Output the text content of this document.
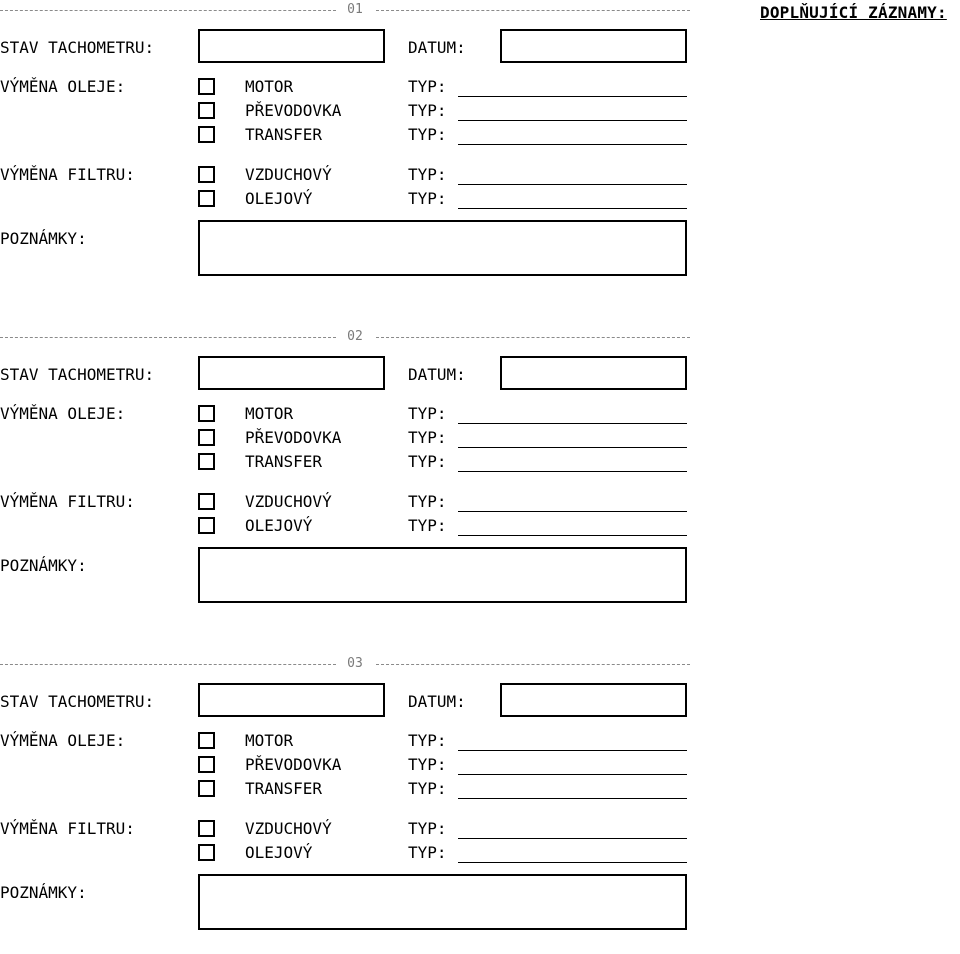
DOPLŇUJÍCÍ ZÁZNAMY:
01
STAV TACHOMETRU:	DATUM:
VÝMĚNA OLEJE:	MOTOR	TYP:
PŘEVODOVKA	TYP:
TRANSFER	TYP:
VÝMĚNA FILTRU:	VZDUCHOVÝ	TYP:
OLEJOVÝ	TYP:
POZNÁMKY:
02
STAV TACHOMETRU:	DATUM:
VÝMĚNA OLEJE:	MOTOR	TYP:
PŘEVODOVKA	TYP:
TRANSFER	TYP:
VÝMĚNA FILTRU:	VZDUCHOVÝ	TYP:
OLEJOVÝ	TYP:
POZNÁMKY:
03
STAV TACHOMETRU:	DATUM:
VÝMĚNA OLEJE:	MOTOR	TYP:
PŘEVODOVKA	TYP:
TRANSFER	TYP:
VÝMĚNA FILTRU:	VZDUCHOVÝ	TYP:
OLEJOVÝ	TYP:
POZNÁMKY:
